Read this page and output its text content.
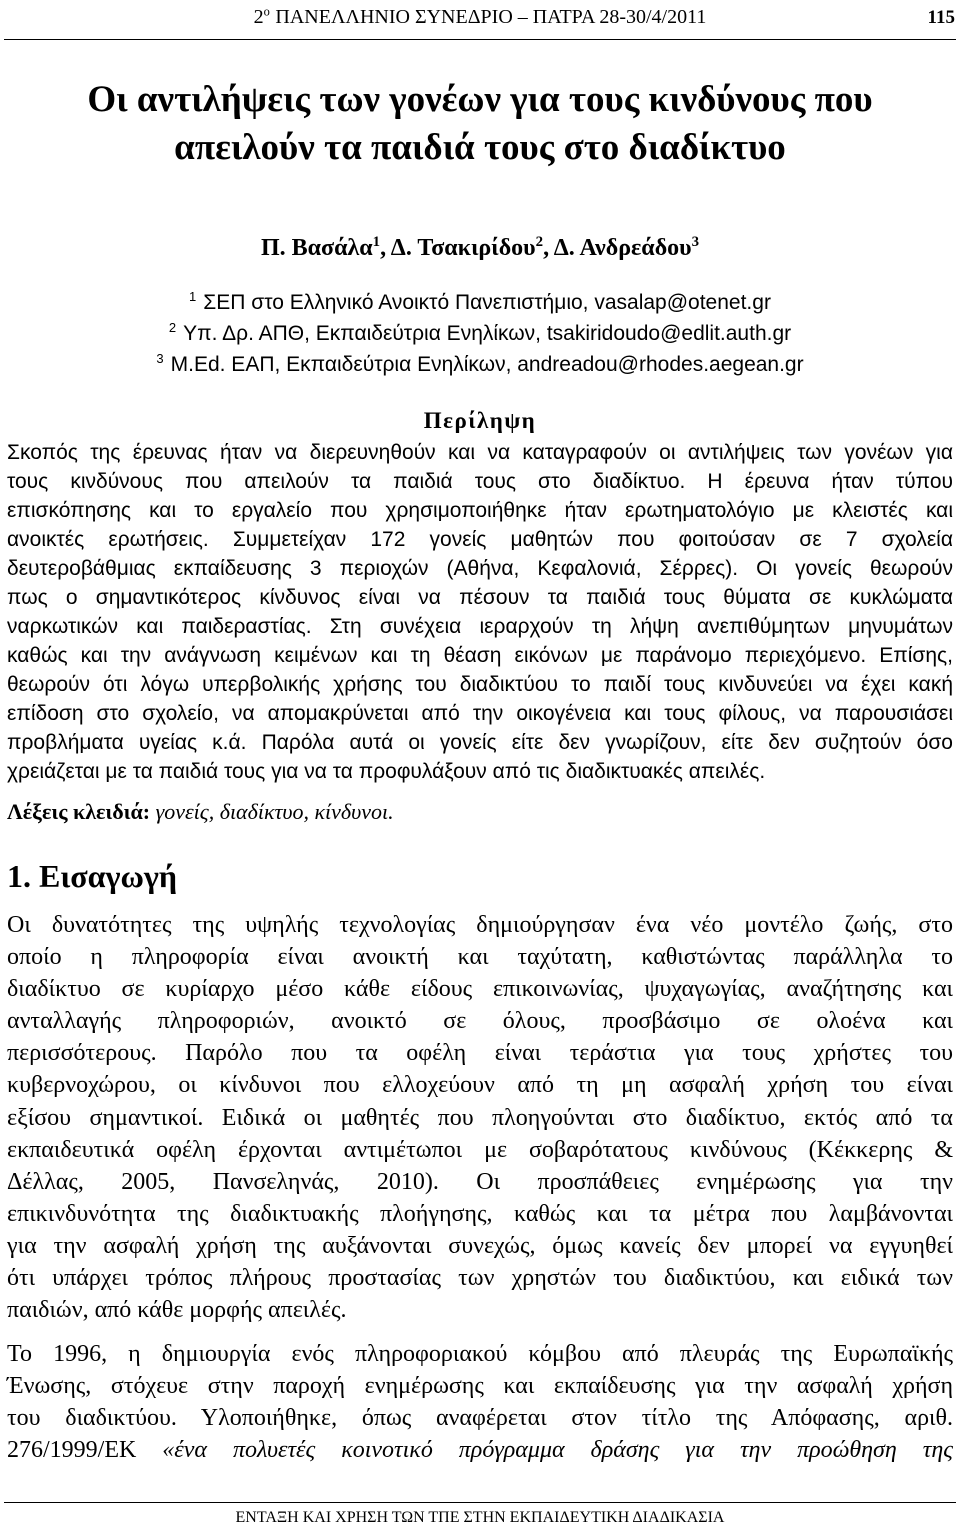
$2^o$ ΠΑΝΕΛΛΗΝΙΟ ΣΥΝΕΔΡΙΟ – ΠΑΤΡΑ 28-30/4/2011	115
Οι αντιλήψεις των γονέων για τους κινδύνους που
απειλούν τα παιδιά τους στο διαδίκτυο
Π. Βασάλα$^1$, Δ. Τσακιρίδου$^2$, Δ. Ανδρεάδου$^3$
$^1$ ΣΕΠ στο Ελληνικό Ανοικτό Πανεπιστήμιο, vasalap@otenet.gr
$^2$ Υπ. Δρ. ΑΠΘ, Εκπαιδεύτρια Ενηλίκων, tsakiridoudo@edlit.auth.gr
$^3$ M.Ed. ΕΑΠ, Εκπαιδεύτρια Ενηλίκων, andreadou@rhodes.aegean.gr
Περίληψη
Σκοπός της έρευνας ήταν να διερευνηθούν και να καταγραφούν οι αντιλήψεις των γονέων για
τους κινδύνους που απειλούν τα παιδιά τους στο διαδίκτυο. Η έρευνα ήταν τύπου
επισκόπησης και το εργαλείο που χρησιμοποιήθηκε ήταν ερωτηματολόγιο με κλειστές και
ανοικτές ερωτήσεις. Συμμετείχαν 172 γονείς μαθητών που φοιτούσαν σε 7 σχολεία
δευτεροβάθμιας εκπαίδευσης 3 περιοχών (Αθήνα, Κεφαλονιά, Σέρρες). Οι γονείς θεωρούν
πως ο σημαντικότερος κίνδυνος είναι να πέσουν τα παιδιά τους θύματα σε κυκλώματα
ναρκωτικών και παιδεραστίας. Στη συνέχεια ιεραρχούν τη λήψη ανεπιθύμητων μηνυμάτων
καθώς και την ανάγνωση κειμένων και τη θέαση εικόνων με παράνομο περιεχόμενο. Επίσης,
θεωρούν ότι λόγω υπερβολικής χρήσης του διαδικτύου το παιδί τους κινδυνεύει να έχει κακή
επίδοση στο σχολείο, να απομακρύνεται από την οικογένεια και τους φίλους, να παρουσιάσει
προβλήματα υγείας κ.ά. Παρόλα αυτά οι γονείς είτε δεν γνωρίζουν, είτε δεν συζητούν όσο
χρειάζεται με τα παιδιά τους για να τα προφυλάξουν από τις διαδικτυακές απειλές.
Λέξεις κλειδιά: γονείς, διαδίκτυο, κίνδυνοι.
1. Εισαγωγή
Οι δυνατότητες της υψηλής τεχνολογίας δημιούργησαν ένα νέο μοντέλο ζωής, στο
οποίο η πληροφορία είναι ανοικτή και ταχύτατη, καθιστώντας παράλληλα το
διαδίκτυο σε κυρίαρχο μέσο κάθε είδους επικοινωνίας, ψυχαγωγίας, αναζήτησης και
ανταλλαγής πληροφοριών, ανοικτό σε όλους, προσβάσιμο σε ολοένα και
περισσότερους. Παρόλο που τα οφέλη είναι τεράστια για τους χρήστες του
κυβερνοχώρου, οι κίνδυνοι που ελλοχεύουν από τη μη ασφαλή χρήση του είναι
εξίσου σημαντικοί. Ειδικά οι μαθητές που πλοηγούνται στο διαδίκτυο, εκτός από τα
εκπαιδευτικά οφέλη έρχονται αντιμέτωποι με σοβαρότατους κινδύνους (Κέκκερης &
Δέλλας, 2005, Πανσεληνάς, 2010). Οι προσπάθειες ενημέρωσης για την
επικινδυνότητα της διαδικτυακής πλοήγησης, καθώς και τα μέτρα που λαμβάνονται
για την ασφαλή χρήση της αυξάνονται συνεχώς, όμως κανείς δεν μπορεί να εγγυηθεί
ότι υπάρχει τρόπος πλήρους προστασίας των χρηστών του διαδικτύου, και ειδικά των
παιδιών, από κάθε μορφής απειλές.
Το 1996, η δημιουργία ενός πληροφοριακού κόμβου από πλευράς της Ευρωπαϊκής
Ένωσης, στόχευε στην παροχή ενημέρωσης και εκπαίδευσης για την ασφαλή χρήση
του διαδικτύου. Υλοποιήθηκε, όπως αναφέρεται στον τίτλο της Απόφασης, αριθ.
276/1999/ΕΚ «ένα πολυετές κοινοτικό πρόγραμμα δράσης για την προώθηση της
ΕΝΤΑΞΗ ΚΑΙ ΧΡΗΣΗ ΤΩΝ ΤΠΕ ΣΤΗΝ ΕΚΠΑΙΔΕΥΤΙΚΗ ΔΙΑΔΙΚΑΣΙΑ
